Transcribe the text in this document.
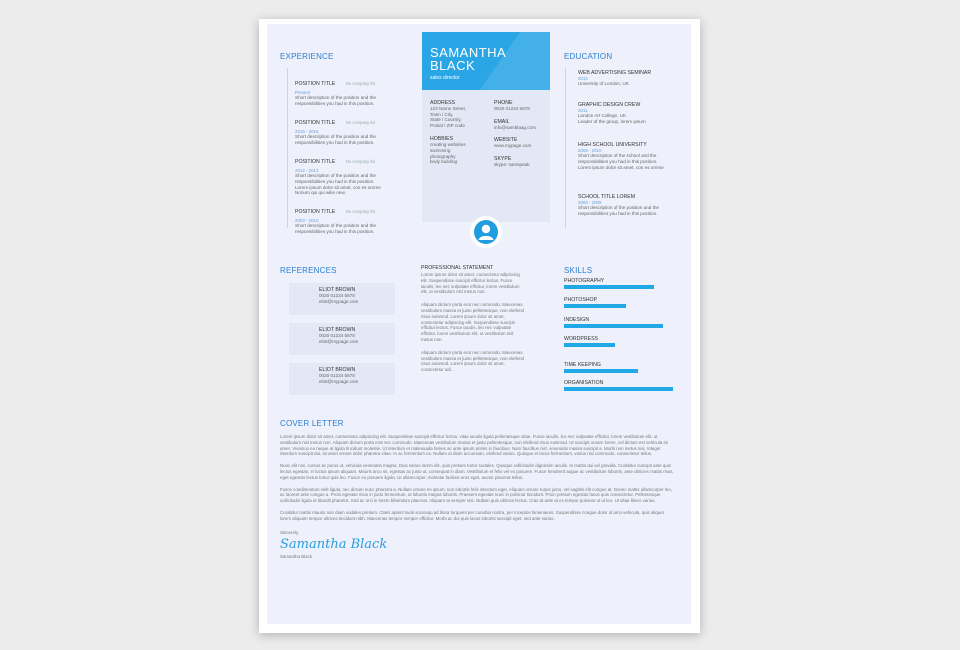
EXPERIENCE
POSITION TITLE No company ltd
Present
Short description of the position and the
responsibilities you had in this position.
POSITION TITLE No company ltd
2015 - 2016
Short description of the position and the
responsibilities you had in this position.
POSITION TITLE No company ltd
2012 - 2013
Short description of the position and the
responsibilities you had in this position.
Lorem ipsum dolor sit amet, con es ornme
Nonum qui qui wike new.
POSITION TITLE No company ltd
2003 - 2010
Short description of the position and the
responsibilities you had in this position.
SAMANTHA
BLACK
sales director
ADDRESS
123 Name Street,
Town / City,
State / Country,
Postal / ZIP code
HOBBIES
creating websites
swimming
photography
body building
PHONE
0020 01234 5678
EMAIL
info@samblaag.com
WEBSITE
www.mypage.com
SKYPE
skype: samspeak
EDUCATION
WEB ADVERTISING SEMINAR
2015
University of London, UK
GRAPHIC DESIGN CREW
2011
London Art College, UK
Leader of the group, lorem ipsum
HIGH SCHOOL UNIVERSITY
2008 - 2010
Short description of the school and the
responsibilities you had in this position.
Lorem ipsum dolor sit amet, con es ornme
SCHOOL TITLE LOREM
2009 - 2009
Short description of the position and the
responsibilities you had in this position.
REFERENCES
ELIOT BROWN
0020 01234 5678
eliot@mypage.com
ELIOT BROWN
0020 01234 5678
eliot@mypage.com
ELIOT BROWN
0020 01234 5678
eliot@mypage.com
PROFESSIONAL STATEMENT
Lorem ipsum dolor sit amet, consectetur adipiscing elit. Suspendisse suscipit efficitur lectus. Fusce iaculis, leo nec vulputate efficitur, lorem vestibulum elit, ut vestibulum nisl metus non.
Aliquam dictum porta erat nec commodo. Maecenas vestibulum massa et justo pellentesque, non eleifend risus euismod. Lorem ipsum dolor sit amet, consectetur adipiscing elit. Suspendisse suscipit efficitur lectus. Fusce iaculis, leo nec vulputate efficitur, lorem vestibulum elit, ut vestibulum nisl metus non.
Aliquam dictum porta erat nec commodo. Maecenas vestibulum massa et justo pellentesque, non eleifend risus euismod. Lorem ipsum dolor sit amet, consectetur adi.
SKILLS
PHOTOGRAPHY
PHOTOSHOP
INDESIGN
WORDPRESS
TIME KEEPING
ORGANISATION
COVER LETTER
Lorem ipsum dolor sit amet, consectetur adipiscing elit. Suspendisse suscipit efficitur lectus, vitae iaculis ligula pellentesque vitae. Fusce iaculis, leo nec vulputate efficitur, lorem vestibulum elit, ut vestibulum nisl metus non. Aliquam dictum porta erat nec commodo. Maecenas vestibulum massa et justo pellentesque, non eleifend risus euismod. Ut suscipit ornare lorem, vel dictum est vehicula sit amet. Vivamus eu neque at ligula tincidunt molestie. Ut interdum et malesuada fames ac ante ipsum primis in faucibus. Nam faucibus nisl, venenatis massa suscipit a. Morbi non metus nisi. Integer interdum suscipit dui, sit amet ornare dolor pharetra vitae. In ac fermentum ex. Nullam at diam accumsan, eleifend varius. Quisque et lacus fermentum, varius nisi commodo, consectetur tellus.
Nunc elit nisi, cursus ac purus ut, vehicula venenatis magna. Duis varius lorem elit, quis pretium tortor sodales. Quisque sollicitudin dignissim iaculis. In mattis dui vel gravida. Curabitur suscipit ante quis lectus egestas, in luctus ipsum aliquam. Mauris arcu mi, egestas ac justo ut, consequat in diam. Vestibulum et felis vel ex posuere. Fusce hendrerit augue ac vestibulum lobortis, ante ultricies mattis risus, eget egestas lectus tortor quis leo. Fusce eu posuere ligula. Ut ullamcorper, molestie facilisis eros eget, auctor placerat tellus.
Fusce condimentum velit ligula, nec dictum nunc pharetra a. Nullam ornare mi ipsum, non lobortis felis interdum eget. Aliquam ornare turpis justo, vel sagittis elit congue at. Donec mattis ullamcorper leo, ac laoreet ante congue a. Proin egestas risus in justo fermentum, ut lobortis magna lobortis. Praesent egestas nunc in pulvinar tincidunt. Proin pretium egestas lacus quis consectetur. Pellentesque sollicitudin ligula et blandit pharetra. Sed ac orci in lorem bibendum placerat. Aliquam at semper nisi. Nullam quis ultrices lectus. Cras at ante at ex tempor pulvinar ut ut leo. Ut vitae libero varius.
Curabitur mattis mauris non diam sodales pretium. Class aptent taciti sociosqu ad litora torquent per conubia nostra, per inceptos himenaeos. Suspendisse congue dolor id arcu vehicula, quis aliquet lorem aliquam tempor ultrices tincidunt nibh. Maecenas tempor semper efficitur. Morbi ac dui quis lacus lobortis suscipit eget, sed ante varius.
Sincerely,
Samantha Black
Samantha Black
